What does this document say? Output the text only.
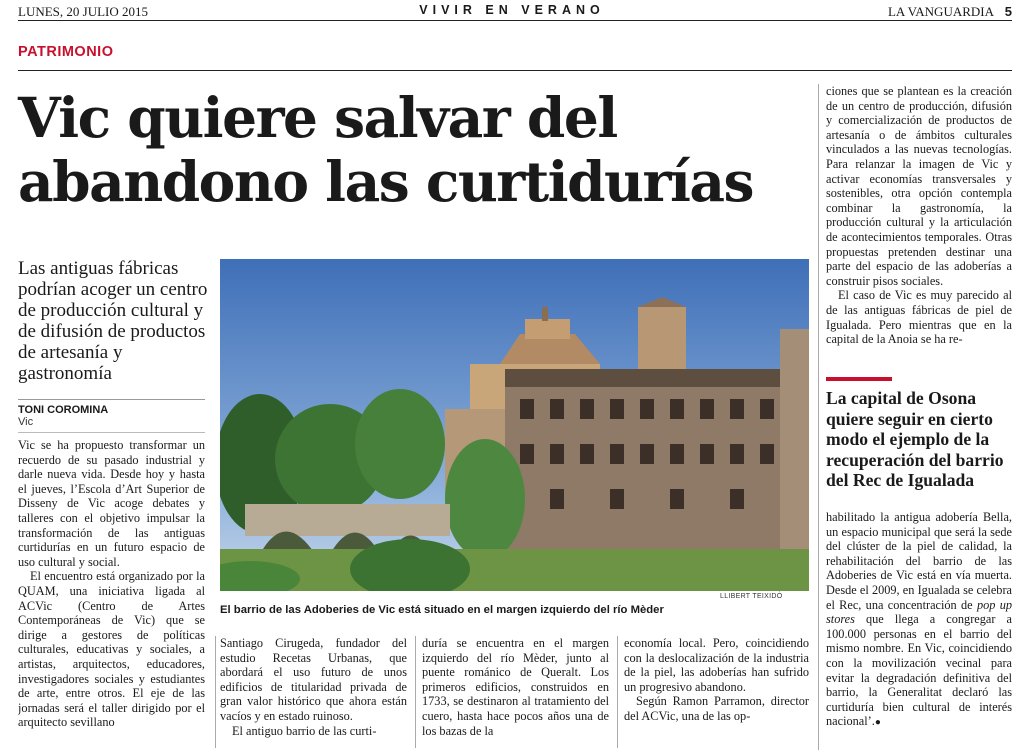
LUNES, 20 JULIO 2015	VIVIR EN VERANO	LA VANGUARDIA 5
PATRIMONIO
Vic quiere salvar del
abandono las curtidurías
Las antiguas fábricas podrían acoger un centro de producción cultural y de difusión de productos de artesanía y gastronomía
TONI COROMINA
Vic

Vic se ha propuesto transformar un recuerdo de su pasado industrial y darle nueva vida. Desde hoy y hasta el jueves, l’Escola d’Art Superior de Disseny de Vic acoge debates y talleres con el objetivo impulsar la transformación de las antiguas curtidurías en un futuro espacio de uso cultural y social.

El encuentro está organizado por la QUAM, una iniciativa ligada al ACVic (Centro de Artes Contemporáneas de Vic) que se dirige a gestores de políticas culturales, educativas y sociales, a artistas, arquitectos, educadores, investigadores sociales y estudiantes de arte, entre otros. El eje de las jornadas será el taller dirigido por el arquitecto sevillano

LLIBERT TEIXIDÓ
El barrio de las Adoberies de Vic está situado en el margen izquierdo del río Mèder

Santiago Cirugeda, fundador del estudio Recetas Urbanas, que abordará el uso futuro de unos edificios de titularidad privada de gran valor histórico que ahora están vacíos y en estado ruinoso.

El antiguo barrio de las curti-

duría se encuentra en el margen izquierdo del río Mèder, junto al puente románico de Queralt. Los primeros edificios, construidos en 1733, se destinaron al tratamiento del cuero, hasta hace pocos años una de los bazas de la

economía local. Pero, coincidiendo con la deslocalización de la industria de la piel, las adoberías han sufrido un progresivo abandono.

Según Ramon Parramon, director del ACVic, una de las op-

ciones que se plantean es la creación de un centro de producción, difusión y comercialización de productos de artesanía o de ámbitos culturales vinculados a las nuevas tecnologías. Para relanzar la imagen de Vic y activar economías transversales y sostenibles, otra opción contempla combinar la gastronomía, la producción cultural y la articulación de acontecimientos temporales. Otras propuestas pretenden destinar una parte del espacio de las adoberías a construir pisos sociales.

El caso de Vic es muy parecido al de las antiguas fábricas de piel de Igualada. Pero mientras que en la capital de la Anoia se ha re-

La capital de Osona quiere seguir en cierto modo el ejemplo de la recuperación del barrio del Rec de Igualada

habilitado la antigua adobería Bella, un espacio municipal que será la sede del clúster de la piel de calidad, la rehabilitación del barrio de las Adoberies de Vic está en vía muerta. Desde el 2009, en Igualada se celebra el Rec, una concentración de pop up stores que llega a congregar a 100.000 personas en el barrio del mismo nombre. En Vic, coincidiendo con la movilización vecinal para evitar la degradación definitiva del barrio, la Generalitat declaró las curtiduría bien cultural de interés nacional’.●
